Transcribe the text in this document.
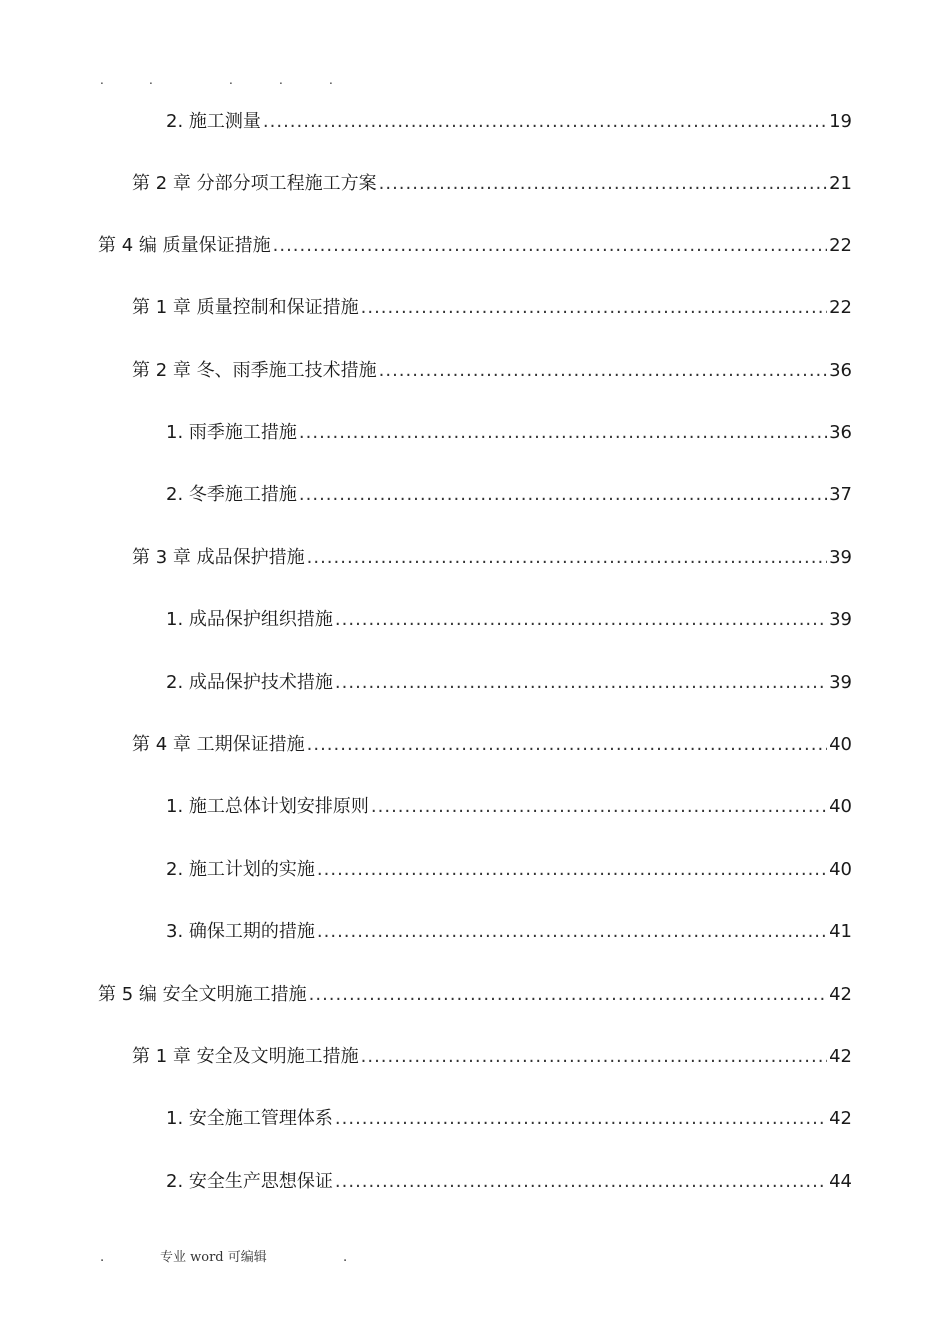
.	.	.	.	.
2. 施工测量 .....	19
第 2 章 分部分项工程施工方案 .....	21
第 4 编 质量保证措施 .....	22
第 1 章 质量控制和保证措施 .....	22
第 2 章 冬、雨季施工技术措施 .....	36
1. 雨季施工措施 .....	36
2. 冬季施工措施 .....	37
第 3 章 成品保护措施 .....	39
1. 成品保护组织措施 .....	39
2. 成品保护技术措施 .....	39
第 4 章 工期保证措施 .....	40
1. 施工总体计划安排原则 .....	40
2. 施工计划的实施 .....	40
3. 确保工期的措施 .....	41
第 5 编 安全文明施工措施 .....	42
第 1 章 安全及文明施工措施 .....	42
1. 安全施工管理体系 .....	42
2. 安全生产思想保证 .....	44
.	专业 word 可编辑	.
